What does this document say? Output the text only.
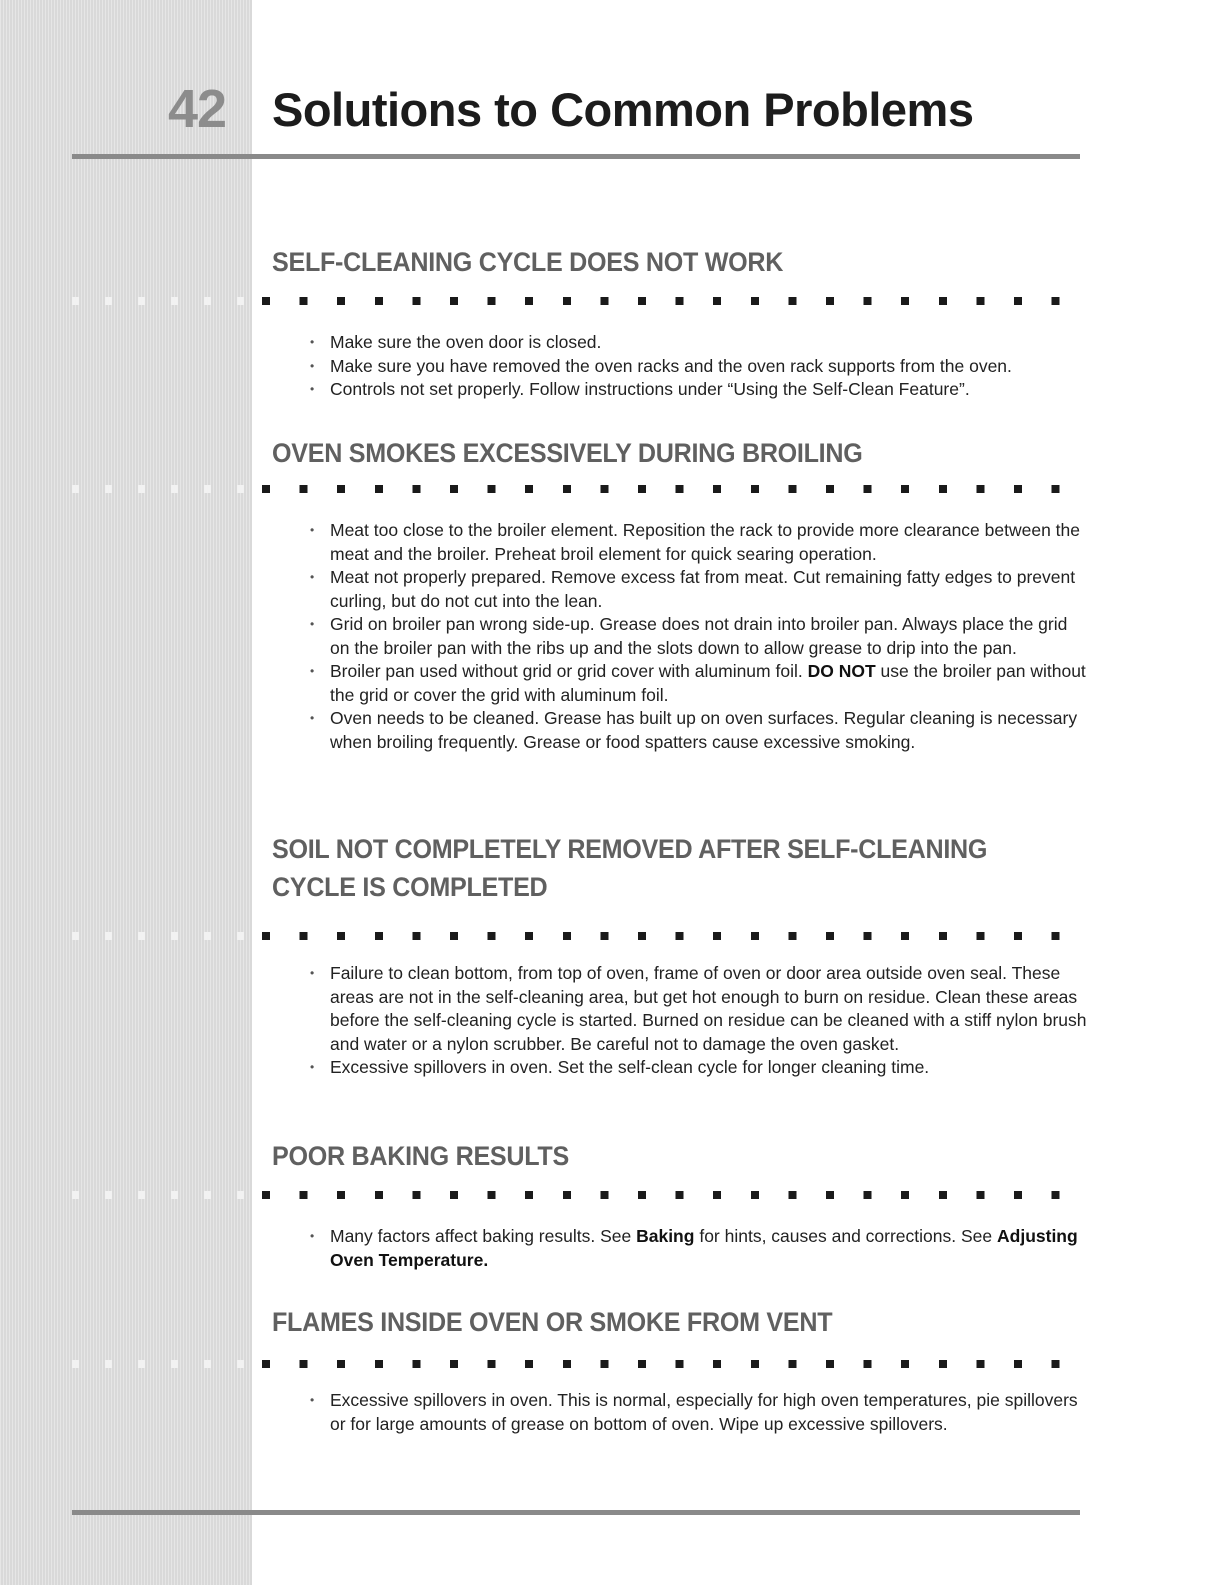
42 Solutions to Common Problems
SELF-CLEANING CYCLE DOES NOT WORK
• Make sure the oven door is closed.
• Make sure you have removed the oven racks and the oven rack supports from the oven.
• Controls not set properly. Follow instructions under “Using the Self-Clean Feature”.
OVEN SMOKES EXCESSIVELY DURING BROILING
• Meat too close to the broiler element. Reposition the rack to provide more clearance between the meat and the broiler. Preheat broil element for quick searing operation.
• Meat not properly prepared. Remove excess fat from meat. Cut remaining fatty edges to prevent curling, but do not cut into the lean.
• Grid on broiler pan wrong side-up. Grease does not drain into broiler pan. Always place the grid on the broiler pan with the ribs up and the slots down to allow grease to drip into the pan.
• Broiler pan used without grid or grid cover with aluminum foil. DO NOT use the broiler pan without the grid or cover the grid with aluminum foil.
• Oven needs to be cleaned. Grease has built up on oven surfaces. Regular cleaning is necessary when broiling frequently. Grease or food spatters cause excessive smoking.
SOIL NOT COMPLETELY REMOVED AFTER SELF-CLEANING
CYCLE IS COMPLETED
• Failure to clean bottom, from top of oven, frame of oven or door area outside oven seal. These areas are not in the self-cleaning area, but get hot enough to burn on residue. Clean these areas before the self-cleaning cycle is started. Burned on residue can be cleaned with a stiff nylon brush and water or a nylon scrubber. Be careful not to damage the oven gasket.
• Excessive spillovers in oven. Set the self-clean cycle for longer cleaning time.
POOR BAKING RESULTS
• Many factors affect baking results. See Baking for hints, causes and corrections. See Adjusting Oven Temperature.
FLAMES INSIDE OVEN OR SMOKE FROM VENT
• Excessive spillovers in oven. This is normal, especially for high oven temperatures, pie spillovers or for large amounts of grease on bottom of oven. Wipe up excessive spillovers.
